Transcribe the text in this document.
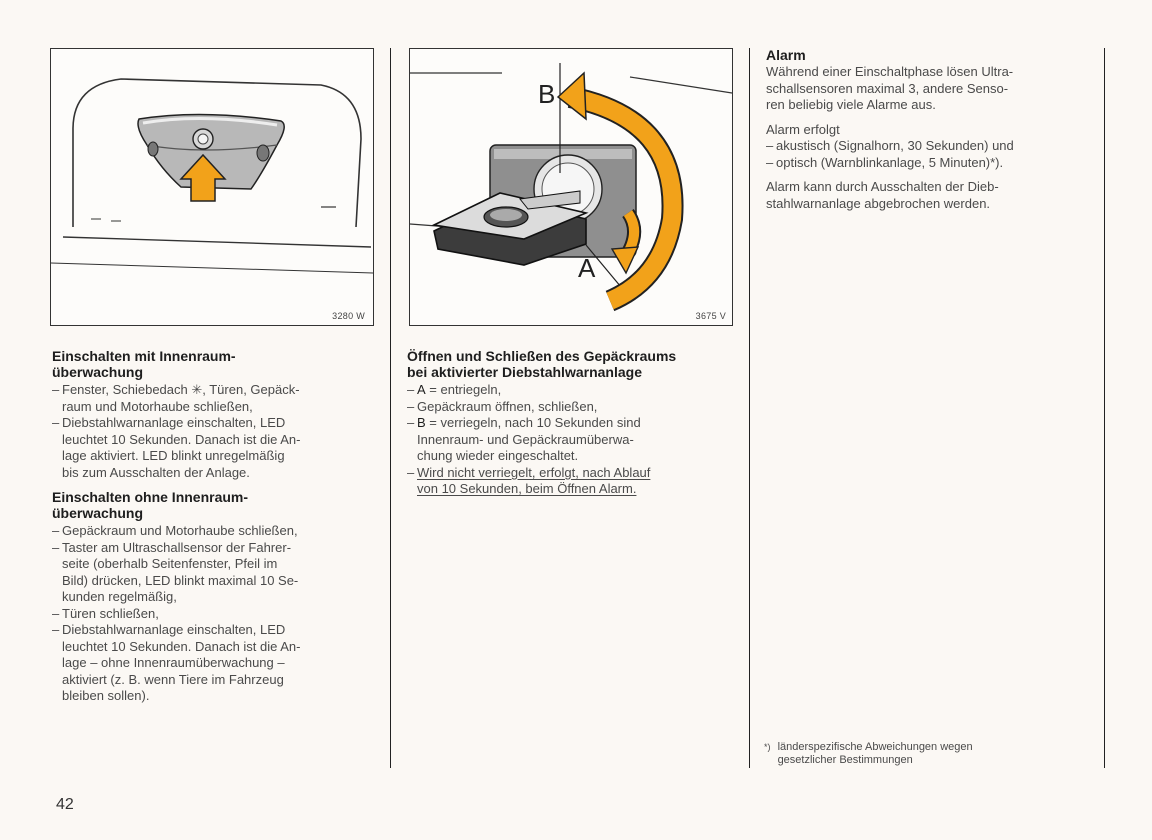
3280 W
B
A
3675 V

Einschalten mit Innenraum-
überwachung

– Fenster, Schiebedach ✳, Türen, Gepäck-
raum und Motorhaube schließen,

– Diebstahlwarnanlage einschalten, LED
leuchtet 10 Sekunden. Danach ist die An-
lage aktiviert. LED blinkt unregelmäßig
bis zum Ausschalten der Anlage.

Einschalten ohne Innenraum-
überwachung

– Gepäckraum und Motorhaube schließen,

– Taster am Ultraschallsensor der Fahrer-
seite (oberhalb Seitenfenster, Pfeil im
Bild) drücken, LED blinkt maximal 10 Se-
kunden regelmäßig,

– Türen schließen,

– Diebstahlwarnanlage einschalten, LED
leuchtet 10 Sekunden. Danach ist die An-
lage – ohne Innenraumüberwachung –
aktiviert (z. B. wenn Tiere im Fahrzeug
bleiben sollen).

Öffnen und Schließen des Gepäckraums
bei aktivierter Diebstahlwarnanlage

– A = entriegeln,

– Gepäckraum öffnen, schließen,

– B = verriegeln, nach 10 Sekunden sind
Innenraum- und Gepäckraumüberwa-
chung wieder eingeschaltet.

– Wird nicht verriegelt, erfolgt, nach Ablauf
von 10 Sekunden, beim Öffnen Alarm.

Alarm

Während einer Einschaltphase lösen Ultra-
schallsensoren maximal 3, andere Senso-
ren beliebig viele Alarme aus.

Alarm erfolgt

– akustisch (Signalhorn, 30 Sekunden) und

– optisch (Warnblinkanlage, 5 Minuten)*).

Alarm kann durch Ausschalten der Dieb-
stahlwarnanlage abgebrochen werden.

*) länderspezifische Abweichungen wegen
gesetzlicher Bestimmungen
42
